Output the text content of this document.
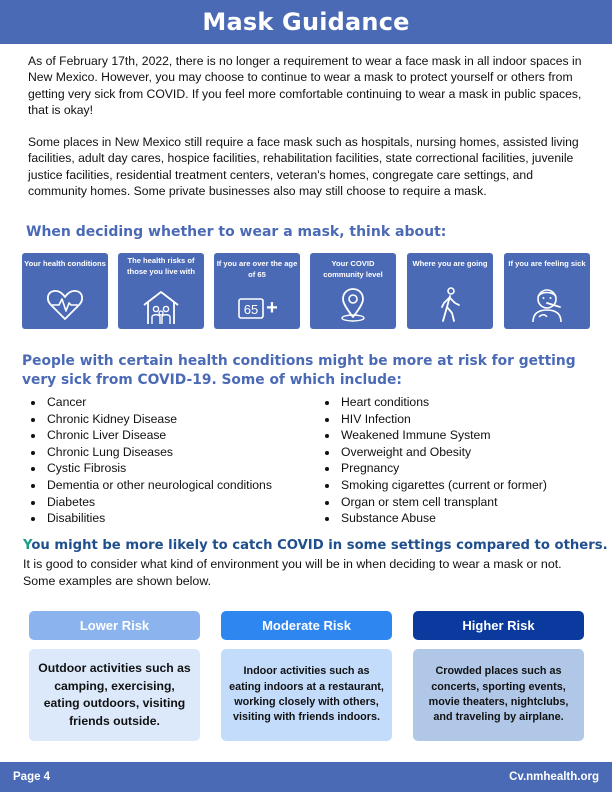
Mask Guidance

As of February 17th, 2022, there is no longer a requirement to wear a face mask in all indoor spaces in New Mexico. However, you may choose to continue to wear a mask to protect yourself or others from getting very sick from COVID. If you feel more comfortable continuing to wear a mask in public spaces, that is okay!

Some places in New Mexico still require a face mask such as hospitals, nursing homes, assisted living facilities, adult day cares, hospice facilities, rehabilitation facilities, state correctional facilities, juvenile justice facilities, residential treatment centers, veteran's homes, congregate care settings, and community homes. Some private businesses also may still choose to require a mask.

When deciding whether to wear a mask, think about:
Your health conditions	The health risks of those you live with
If you are over the age of 65
65 +
Your COVID community level
Where you are going	If you are feeling sick
People with certain health conditions might be more at risk for getting very sick from COVID-19. Some of which include:
• Cancer
• Chronic Kidney Disease
• Chronic Liver Disease
• Chronic Lung Diseases
• Cystic Fibrosis
• Dementia or other neurological conditions
• Diabetes
• Disabilities
• Heart conditions
• HIV Infection
• Weakened Immune System
• Overweight and Obesity
• Pregnancy
• Smoking cigarettes (current or former)
• Organ or stem cell transplant
• Substance Abuse
You might be more likely to catch COVID in some settings compared to others.

It is good to consider what kind of environment you will be in when deciding to wear a mask or not. Some examples are shown below.

Lower Risk	Moderate Risk	Higher Risk
Outdoor activities such as camping, exercising, eating outdoors, visiting friends outside.
Indoor activities such as eating indoors at a restaurant, working closely with others, visiting with friends indoors.
Crowded places such as concerts, sporting events, movie theaters, nightclubs, and traveling by airplane.
Page 4	Cv.nmhealth.org
